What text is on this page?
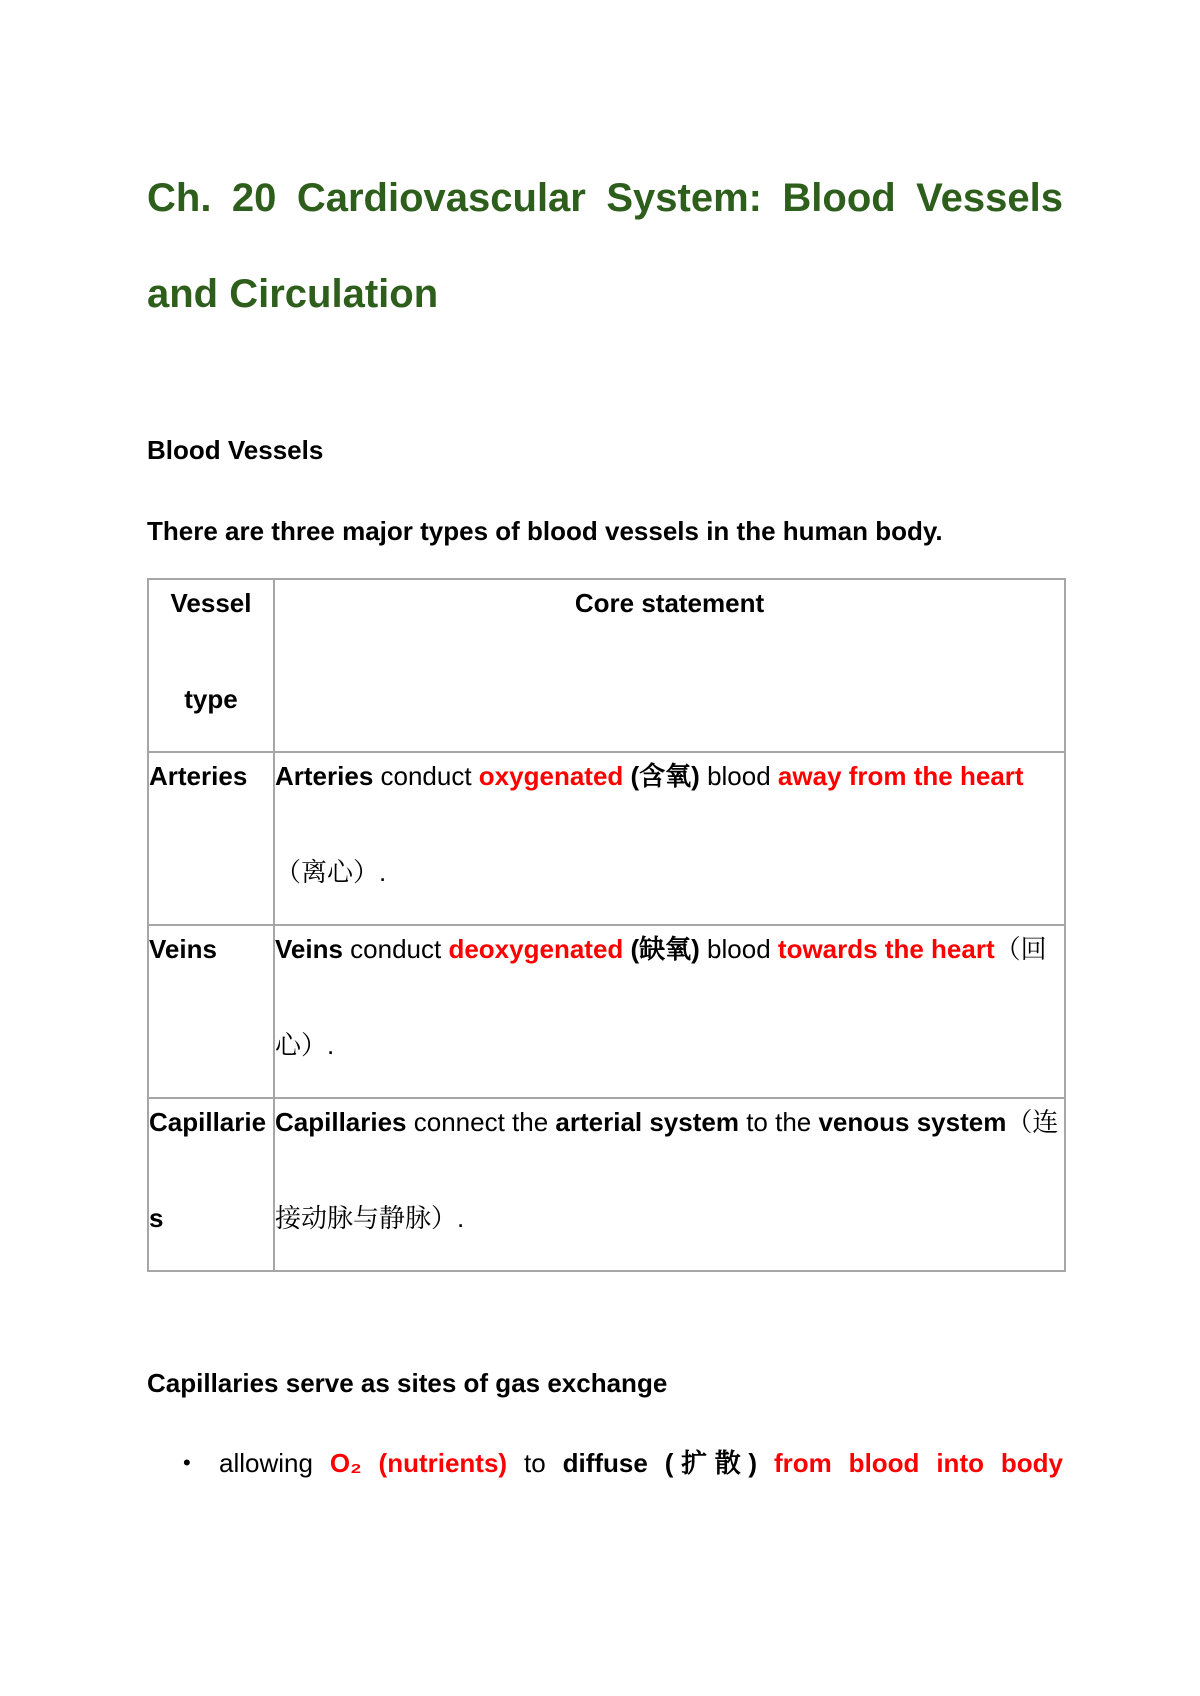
Ch. 20 Cardiovascular System: Blood Vessels
and Circulation

Blood Vessels

There are three major types of blood vessels in the human body.

Vessel
type	Core statement

Arteries	Arteries conduct oxygenated (含氧) blood away from the heart（离心）.

Veins	Veins conduct deoxygenated (缺氧) blood towards the heart（回心）.

Capillaries	Capillaries connect the arterial system to the venous system（连接动脉与静脉）.

Capillaries serve as sites of gas exchange

• allowing O₂ (nutrients) to diffuse (扩散) from blood into body
